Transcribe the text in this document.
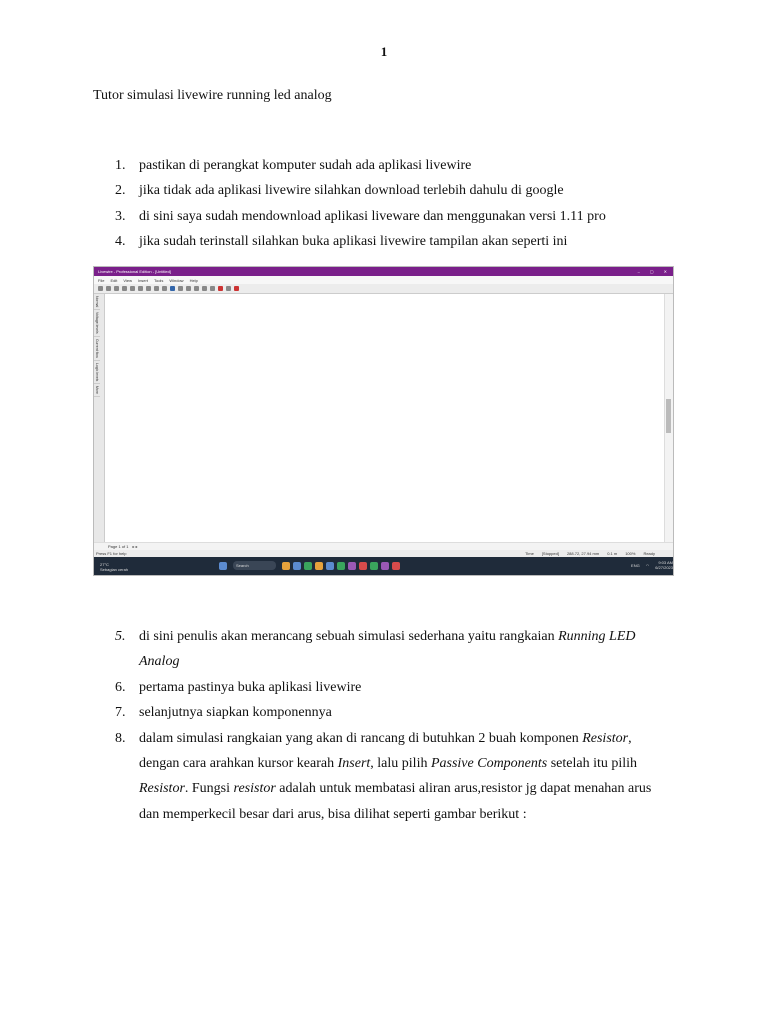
1
Tutor simulasi livewire running led analog
1. pastikan di perangkat komputer sudah ada aplikasi livewire
2. jika tidak ada aplikasi livewire silahkan download terlebih dahulu di google
3. di sini saya sudah mendownload aplikasi liveware dan menggunakan versi 1.11 pro
4. jika sudah terinstall silahkan buka aplikasi livewire tampilan akan seperti ini
Livewire - Professional Edition - [Untitled]	–	▢	✕
File Edit View Insert Tools Window Help
Normal
Voltage levels
Current flow
Logic levels
More
Page 1 of 1 ▸ ▸
Press F1 for help	Time [Stopped] 288.72, 27.94 mm 0.1 m 100% Ready
27°C
Sebagian cerah
Search	ENG ◠ 9:03 AM
6/27/2023
5. di sini penulis akan merancang sebuah simulasi sederhana yaitu rangkaian Running LED Analog
6. pertama pastinya buka aplikasi livewire
7. selanjutnya siapkan komponennya
8. dalam simulasi rangkaian yang akan di rancang di butuhkan 2 buah komponen Resistor, dengan cara arahkan kursor kearah Insert, lalu pilih Passive Components setelah itu pilih Resistor. Fungsi resistor adalah untuk membatasi aliran arus,resistor jg dapat menahan arus dan memperkecil besar dari arus, bisa dilihat seperti gambar berikut :
